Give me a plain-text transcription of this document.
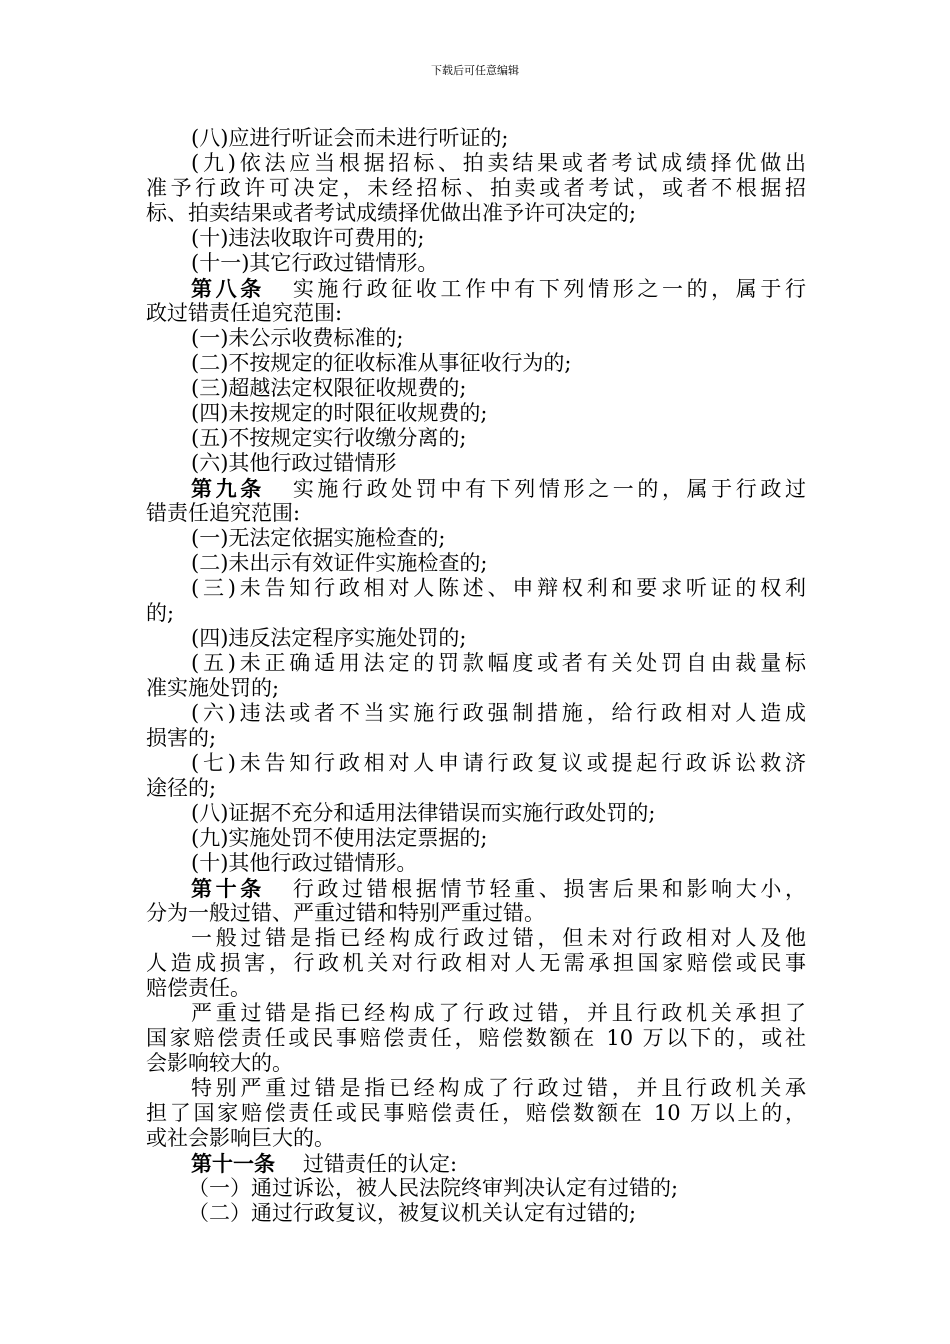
下载后可任意编辑
(八)应进行听证会而未进行听证的;
(九)依法应当根据招标、拍卖结果或者考试成绩择优做出
准予行政许可决定，未经招标、拍卖或者考试，或者不根据招
标、拍卖结果或者考试成绩择优做出准予许可决定的;
(十)违法收取许可费用的;
(十一)其它行政过错情形。
第八条 实施行政征收工作中有下列情形之一的，属于行
政过错责任追究范围:
(一)未公示收费标准的;
(二)不按规定的征收标准从事征收行为的;
(三)超越法定权限征收规费的;
(四)未按规定的时限征收规费的;
(五)不按规定实行收缴分离的;
(六)其他行政过错情形
第九条 实施行政处罚中有下列情形之一的，属于行政过
错责任追究范围:
(一)无法定依据实施检查的;
(二)未出示有效证件实施检查的;
(三)未告知行政相对人陈述、申辩权利和要求听证的权利
的;
(四)违反法定程序实施处罚的;
(五)未正确适用法定的罚款幅度或者有关处罚自由裁量标
准实施处罚的;
(六)违法或者不当实施行政强制措施，给行政相对人造成
损害的;
(七)未告知行政相对人申请行政复议或提起行政诉讼救济
途径的;
(八)证据不充分和适用法律错误而实施行政处罚的;
(九)实施处罚不使用法定票据的;
(十)其他行政过错情形。
第十条 行政过错根据情节轻重、损害后果和影响大小，
分为一般过错、严重过错和特别严重过错。
一般过错是指已经构成行政过错，但未对行政相对人及他
人造成损害，行政机关对行政相对人无需承担国家赔偿或民事
赔偿责任。
严重过错是指已经构成了行政过错，并且行政机关承担了
国家赔偿责任或民事赔偿责任，赔偿数额在 10 万以下的，或社
会影响较大的。
特别严重过错是指已经构成了行政过错，并且行政机关承
担了国家赔偿责任或民事赔偿责任，赔偿数额在 10 万以上的，
或社会影响巨大的。
第十一条 过错责任的认定:
（一）通过诉讼，被人民法院终审判决认定有过错的;
（二）通过行政复议，被复议机关认定有过错的;
